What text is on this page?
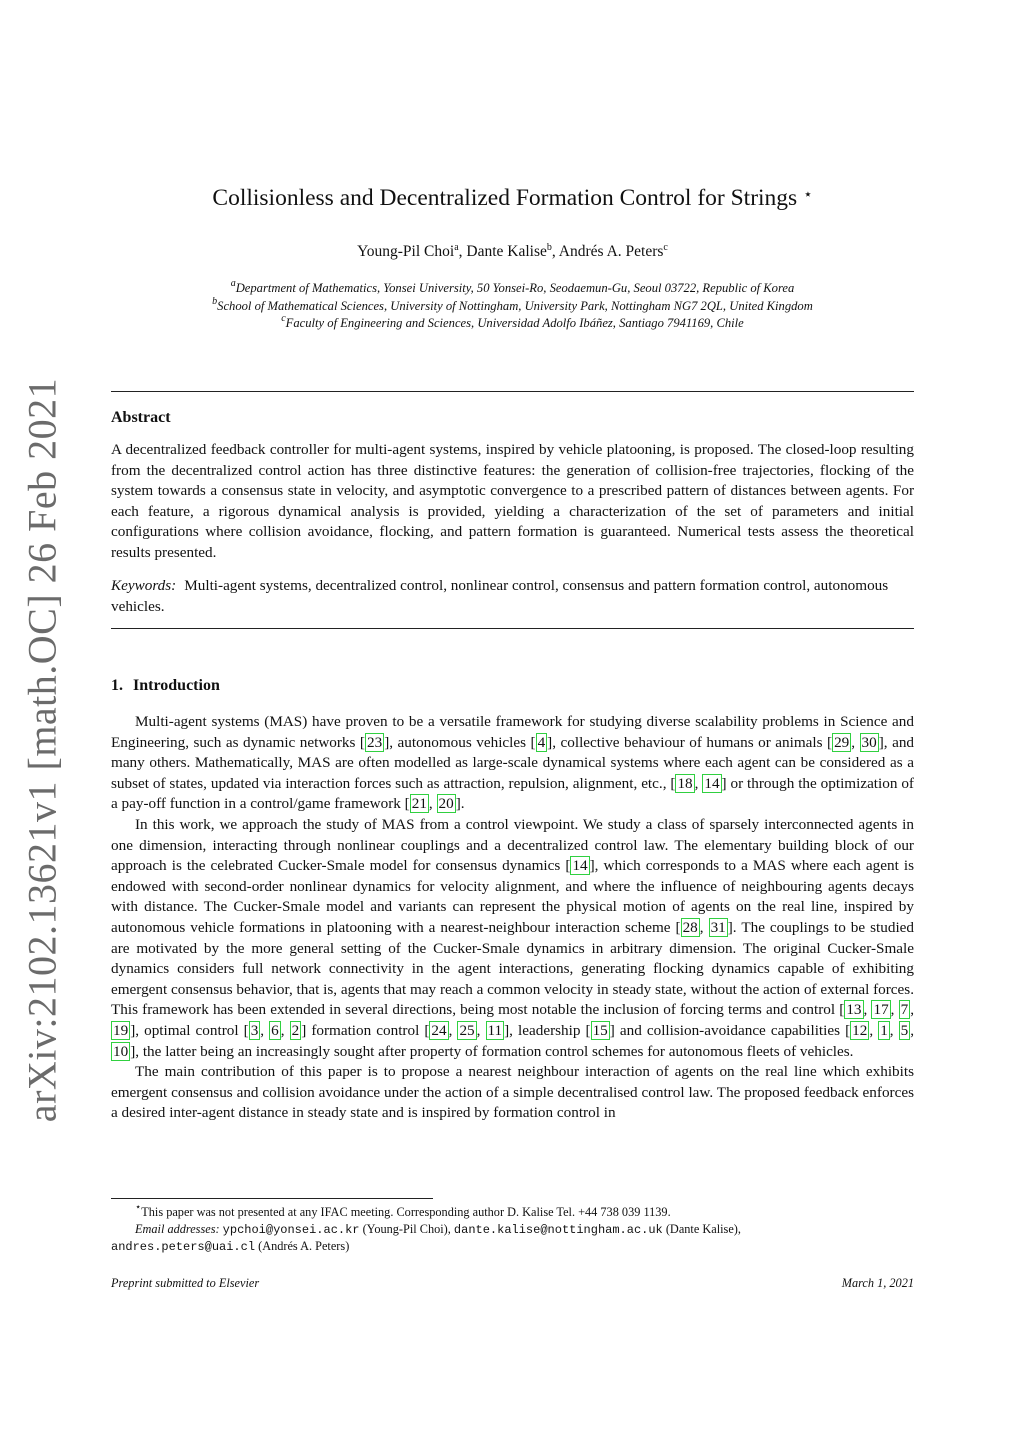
arXiv:2102.13621v1 [math.OC] 26 Feb 2021
Collisionless and Decentralized Formation Control for Strings ⋆
Young-Pil Choi$^a$, Dante Kalise$^b$, Andrés A. Peters$^c$
$^a$Department of Mathematics, Yonsei University, 50 Yonsei-Ro, Seodaemun-Gu, Seoul 03722, Republic of Korea
$^b$School of Mathematical Sciences, University of Nottingham, University Park, Nottingham NG7 2QL, United Kingdom
$^c$Faculty of Engineering and Sciences, Universidad Adolfo Ibáñez, Santiago 7941169, Chile
Abstract

A decentralized feedback controller for multi-agent systems, inspired by vehicle platooning, is proposed. The closed-loop resulting from the decentralized control action has three distinctive features: the generation of collision-free trajectories, flocking of the system towards a consensus state in velocity, and asymptotic convergence to a prescribed pattern of distances between agents. For each feature, a rigorous dynamical analysis is provided, yielding a characterization of the set of parameters and initial configurations where collision avoidance, flocking, and pattern formation is guaranteed. Numerical tests assess the theoretical results presented.

Keywords: Multi-agent systems, decentralized control, nonlinear control, consensus and pattern formation control, autonomous vehicles.

1. Introduction

Multi-agent systems (MAS) have proven to be a versatile framework for studying diverse scalability problems in Science and Engineering, such as dynamic networks [ 23 ], autonomous vehicles [ 4 ], collective behaviour of humans or animals [ 29 , 30 ], and many others. Mathematically, MAS are often modelled as large-scale dynamical systems where each agent can be considered as a subset of states, updated via interaction forces such as attraction, repulsion, alignment, etc., [ 18 , 14 ] or through the optimization of a pay-off function in a control/game framework [ 21 , 20 ].

In this work, we approach the study of MAS from a control viewpoint. We study a class of sparsely interconnected agents in one dimension, interacting through nonlinear couplings and a decentralized control law. The elementary building block of our approach is the celebrated Cucker-Smale model for consensus dynamics [ 14 ], which corresponds to a MAS where each agent is endowed with second-order nonlinear dynamics for velocity alignment, and where the influence of neighbouring agents decays with distance. The Cucker-Smale model and variants can represent the physical motion of agents on the real line, inspired by autonomous vehicle formations in platooning with a nearest-neighbour interaction scheme [ 28 , 31 ]. The couplings to be studied are motivated by the more general setting of the Cucker-Smale dynamics in arbitrary dimension. The original Cucker-Smale dynamics considers full network connectivity in the agent interactions, generating flocking dynamics capable of exhibiting emergent consensus behavior, that is, agents that may reach a common velocity in steady state, without the action of external forces. This framework has been extended in several directions, being most notable the inclusion of forcing terms and control [ 13 , 17 , 7 , 19 ], optimal control [ 3 , 6 , 2 ] formation control [ 24 , 25 , 11 ], leadership [ 15 ] and collision-avoidance capabilities [ 12 , 1 , 5 , 10 ], the latter being an increasingly sought after property of formation control schemes for autonomous fleets of vehicles.

The main contribution of this paper is to propose a nearest neighbour interaction of agents on the real line which exhibits emergent consensus and collision avoidance under the action of a simple decentralised control law. The proposed feedback enforces a desired inter-agent distance in steady state and is inspired by formation control in

⋆This paper was not presented at any IFAC meeting. Corresponding author D. Kalise Tel. +44 738 039 1139.

Email addresses: ypchoi@yonsei.ac.kr (Young-Pil Choi), dante.kalise@nottingham.ac.uk (Dante Kalise),
andres.peters@uai.cl (Andrés A. Peters)

Preprint submitted to Elsevier	March 1, 2021
